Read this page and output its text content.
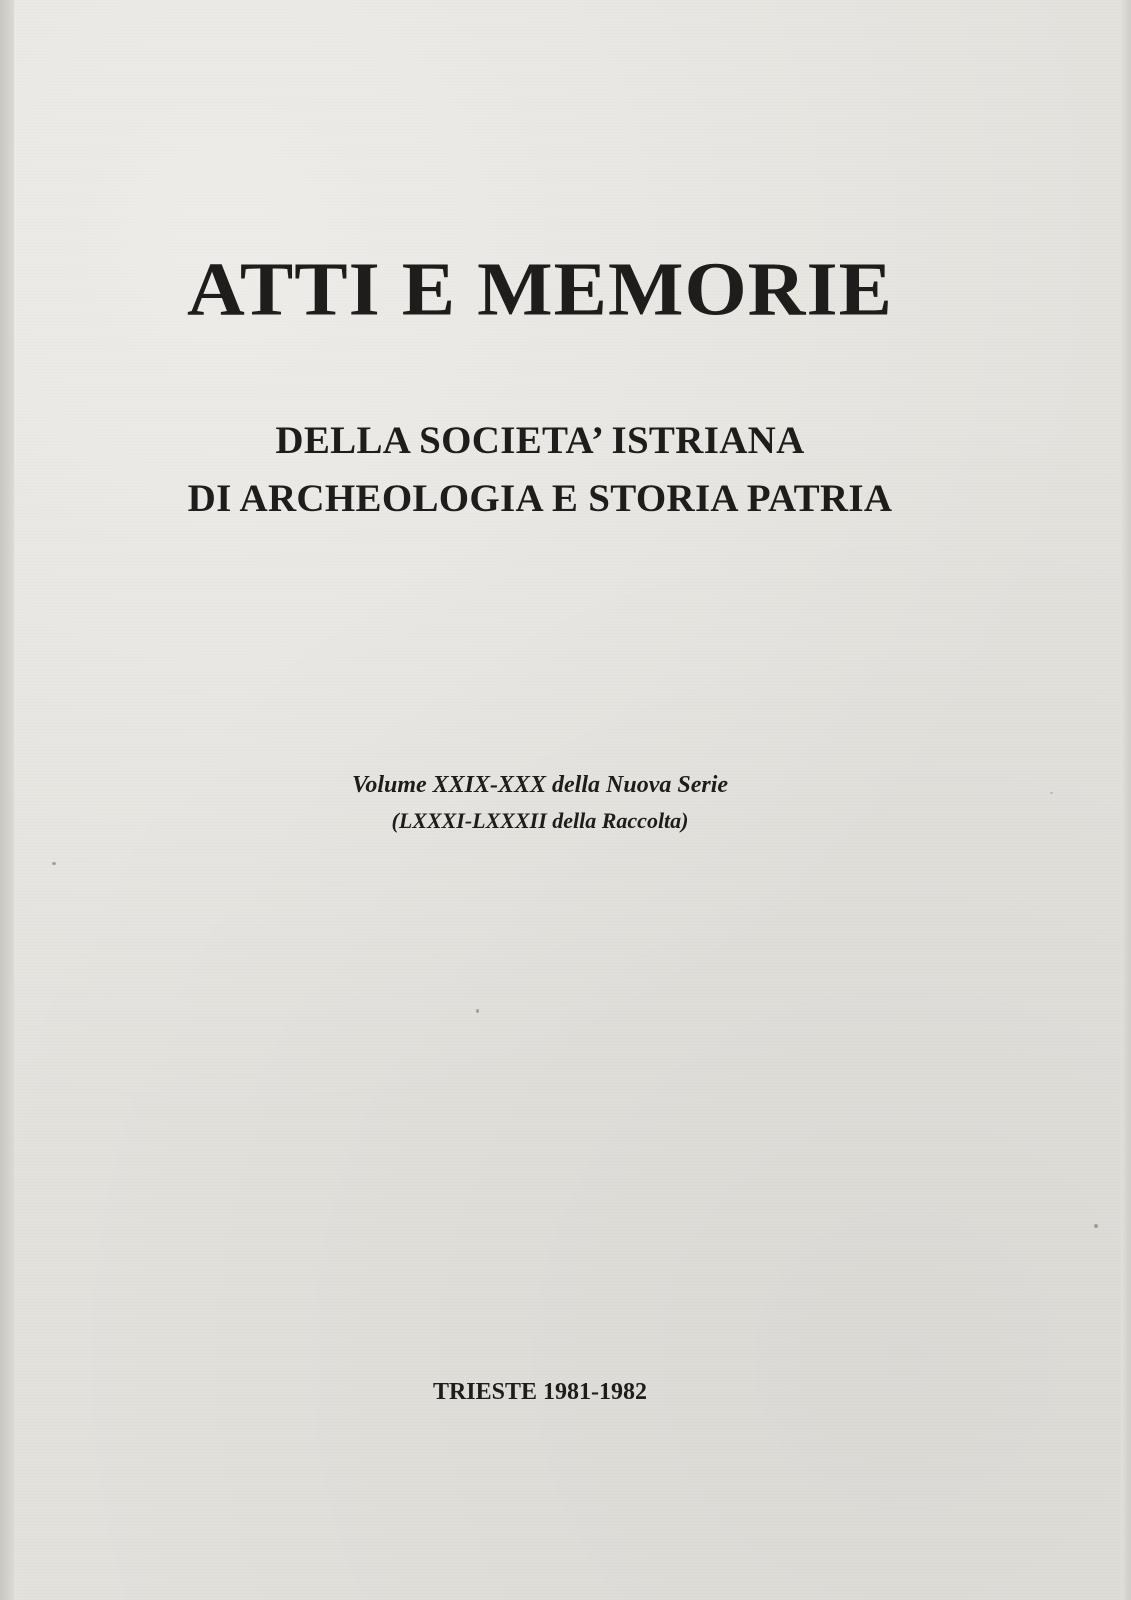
ATTI E MEMORIE
DELLA SOCIETA’ ISTRIANA
DI ARCHEOLOGIA E STORIA PATRIA
Volume XXIX-XXX della Nuova Serie
(LXXXI-LXXXII della Raccolta)
TRIESTE 1981-1982
